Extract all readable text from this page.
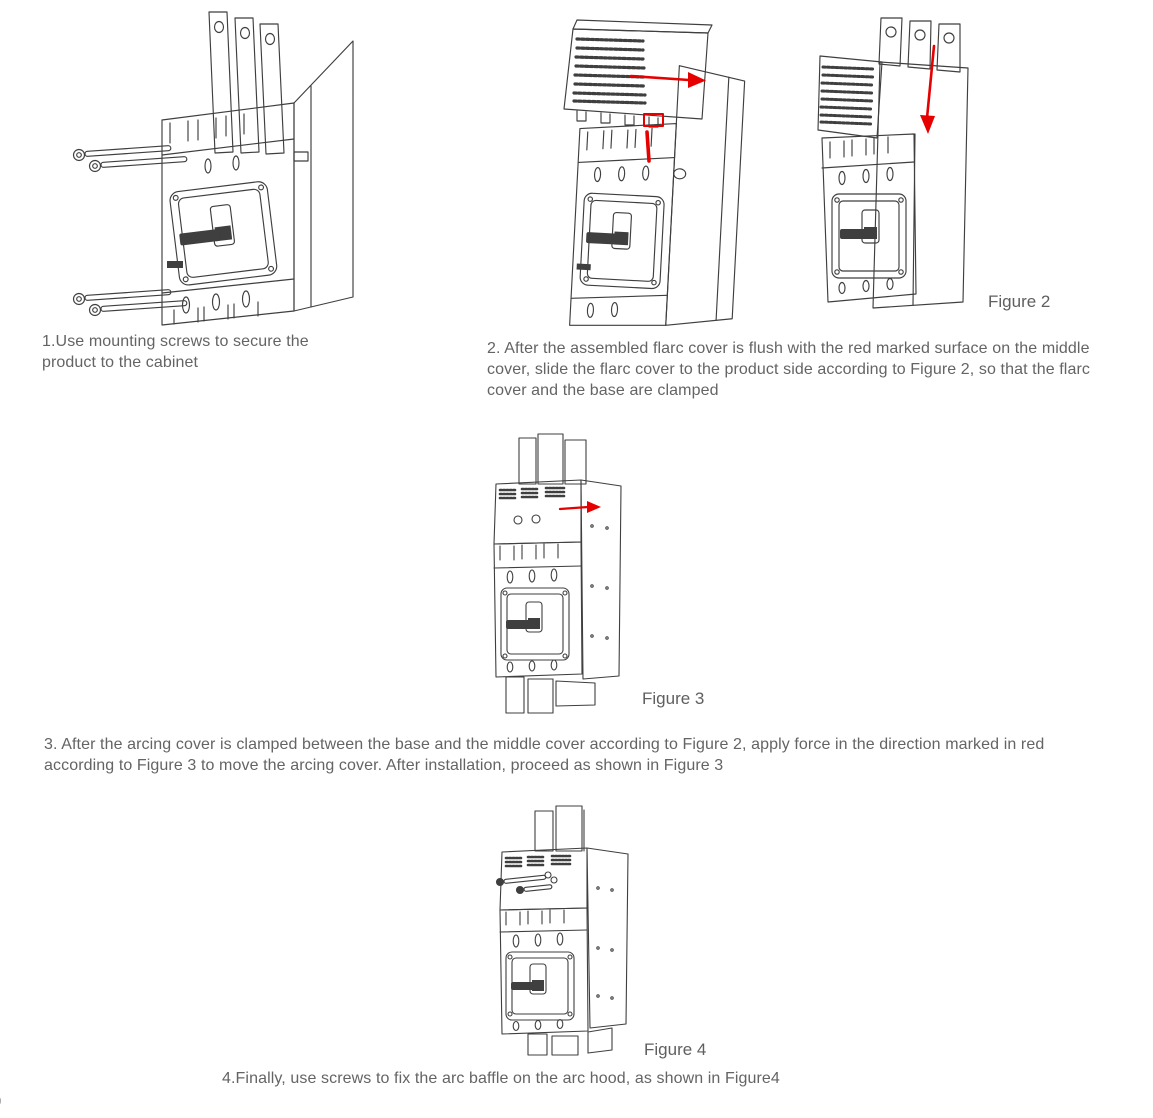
Figure 2
Figure 3
Figure 4
1.Use mounting screws to secure the product to the cabinet
2. After the assembled flarc cover is flush with the red marked surface on the middle cover, slide the flarc cover to the product side according to Figure 2, so that the flarc cover and the base are clamped
3. After the arcing cover is clamped between the base and the middle cover according to Figure 2, apply force in the direction marked in red according to Figure 3 to move the arcing cover. After installation, proceed as shown in Figure 3
4.Finally, use screws to fix the arc baffle on the arc hood, as shown in Figure4
